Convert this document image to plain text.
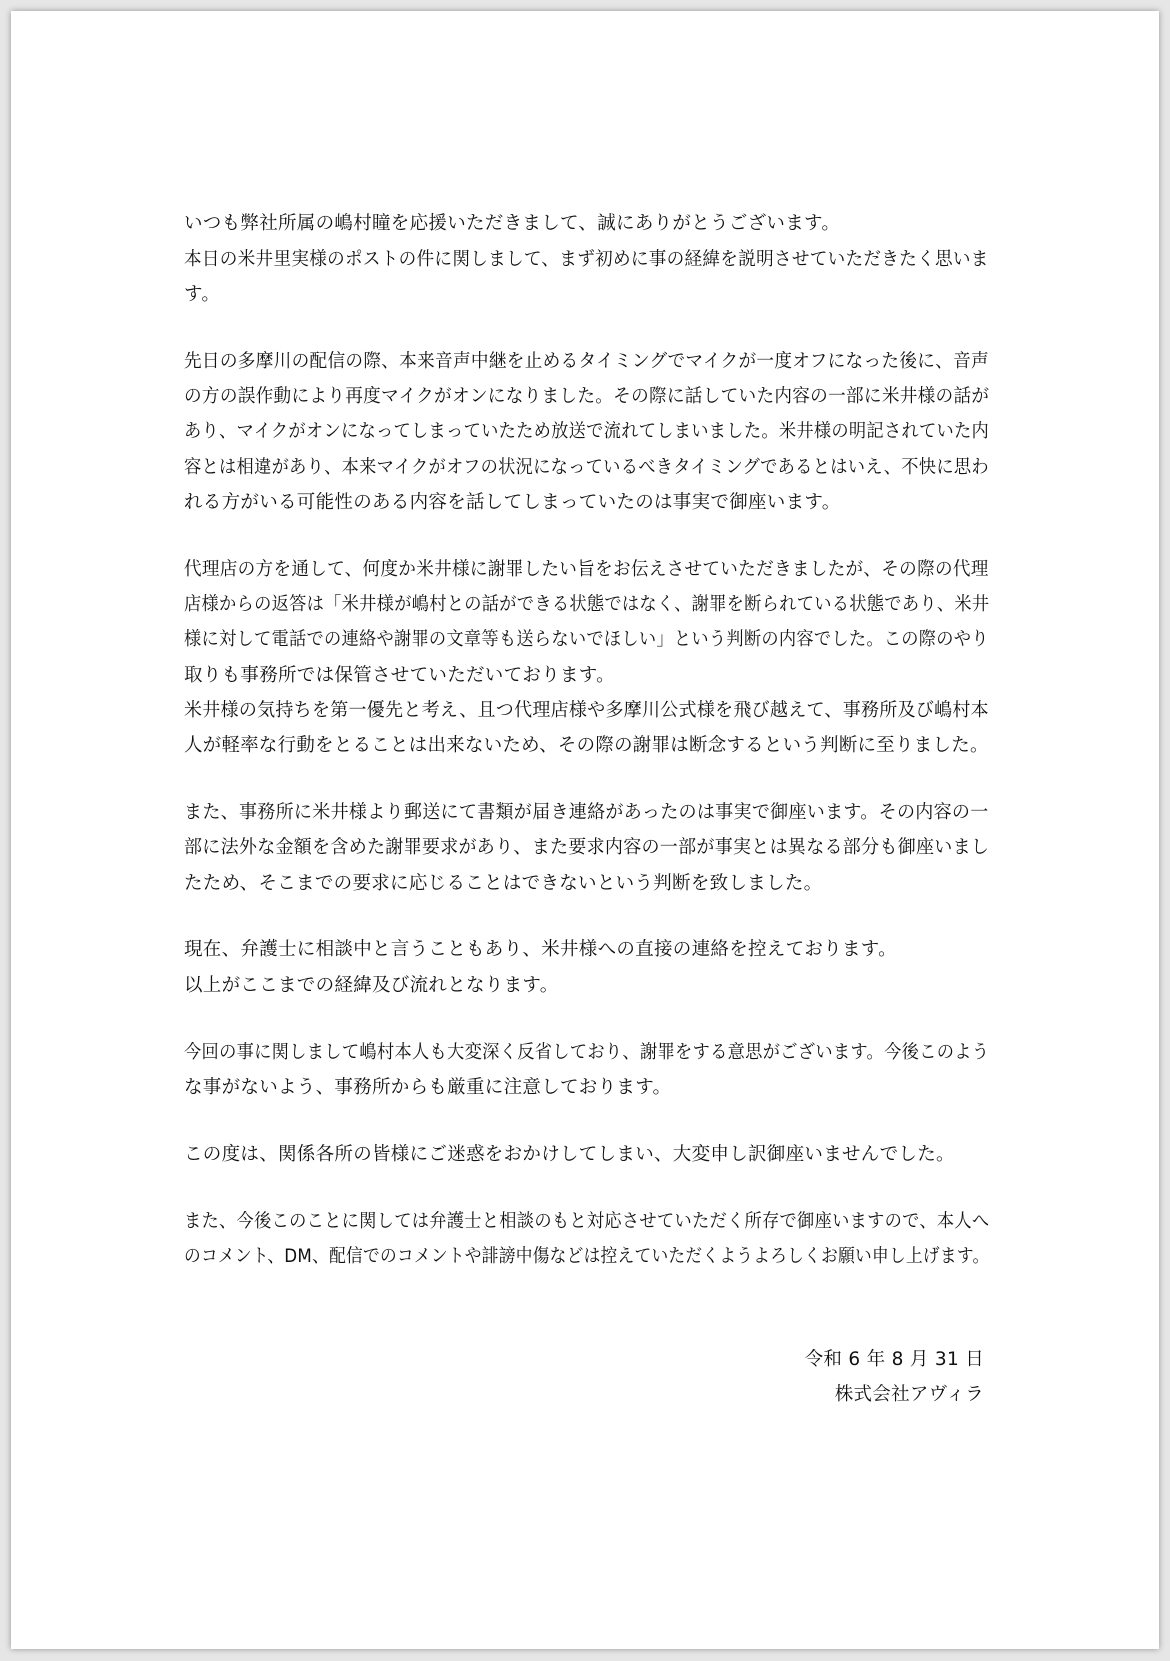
いつも弊社所属の嶋村瞳を応援いただきまして、誠にありがとうございます。

本日の米井里実様のポストの件に関しまして、まず初めに事の経緯を説明させていただきたく思いま

す。

先日の多摩川の配信の際、本来音声中継を止めるタイミングでマイクが一度オフになった後に、音声

の方の誤作動により再度マイクがオンになりました。その際に話していた内容の一部に米井様の話が

あり、マイクがオンになってしまっていたため放送で流れてしまいました。米井様の明記されていた内

容とは相違があり、本来マイクがオフの状況になっているべきタイミングであるとはいえ、不快に思わ

れる方がいる可能性のある内容を話してしまっていたのは事実で御座います。

代理店の方を通して、何度か米井様に謝罪したい旨をお伝えさせていただきましたが、その際の代理

店様からの返答は「米井様が嶋村との話ができる状態ではなく、謝罪を断られている状態であり、米井

様に対して電話での連絡や謝罪の文章等も送らないでほしい」という判断の内容でした。この際のやり

取りも事務所では保管させていただいております。

米井様の気持ちを第一優先と考え、且つ代理店様や多摩川公式様を飛び越えて、事務所及び嶋村本

人が軽率な行動をとることは出来ないため、その際の謝罪は断念するという判断に至りました。

また、事務所に米井様より郵送にて書類が届き連絡があったのは事実で御座います。その内容の一

部に法外な金額を含めた謝罪要求があり、また要求内容の一部が事実とは異なる部分も御座いまし

たため、そこまでの要求に応じることはできないという判断を致しました。

現在、弁護士に相談中と言うこともあり、米井様への直接の連絡を控えております。

以上がここまでの経緯及び流れとなります。

今回の事に関しまして嶋村本人も大変深く反省しており、謝罪をする意思がございます。今後このよう

な事がないよう、事務所からも厳重に注意しております。

この度は、関係各所の皆様にご迷惑をおかけしてしまい、大変申し訳御座いませんでした。

また、今後このことに関しては弁護士と相談のもと対応させていただく所存で御座いますので、本人へ

のコメント、DM、配信でのコメントや誹謗中傷などは控えていただくようよろしくお願い申し上げます。

令和 6 年 8 月 31 日

株式会社アヴィラ
